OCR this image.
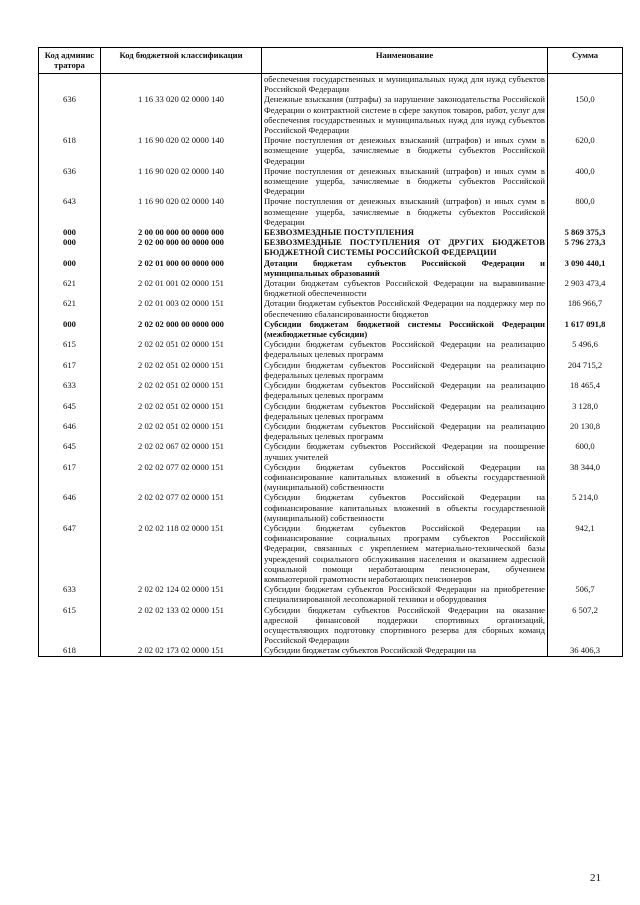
Код админис тратора	Код бюджетной классификации	Наименование	Сумма
		обеспечения государственных и муниципальных нужд для нужд субъектов Российской Федерации	
636	1 16 33 020 02 0000 140	Денежные взыскания (штрафы) за нарушение законодательства Российской Федерации о контрактной системе в сфере закупок товаров, работ, услуг для обеспечения государственных и муниципальных нужд для нужд субъектов Российской Федерации	150,0
618	1 16 90 020 02 0000 140	Прочие поступления от денежных взысканий (штрафов) и иных сумм в возмещение ущерба, зачисляемые в бюджеты субъектов Российской Федерации	620,0
636	1 16 90 020 02 0000 140	Прочие поступления от денежных взысканий (штрафов) и иных сумм в возмещение ущерба, зачисляемые в бюджеты субъектов Российской Федерации	400,0
643	1 16 90 020 02 0000 140	Прочие поступления от денежных взысканий (штрафов) и иных сумм в возмещение ущерба, зачисляемые в бюджеты субъектов Российской Федерации	800,0
000	2 00 00 000 00 0000 000	БЕЗВОЗМЕЗДНЫЕ ПОСТУПЛЕНИЯ	5 869 375,3
000	2 02 00 000 00 0000 000	БЕЗВОЗМЕЗДНЫЕ ПОСТУПЛЕНИЯ ОТ ДРУГИХ БЮДЖЕТОВ БЮДЖЕТНОЙ СИСТЕМЫ РОССИЙСКОЙ ФЕДЕРАЦИИ	5 796 273,3
000	2 02 01 000 00 0000 000	Дотации бюджетам субъектов Российской Федерации и муниципальных образований	3 090 440,1
621	2 02 01 001 02 0000 151	Дотации бюджетам субъектов Российской Федерации на выравнивание бюджетной обеспеченности	2 903 473,4
621	2 02 01 003 02 0000 151	Дотации бюджетам субъектов Российской Федерации на поддержку мер по обеспечению сбалансированности бюджетов	186 966,7
000	2 02 02 000 00 0000 000	Субсидии бюджетам бюджетной системы Российской Федерации (межбюджетные субсидии)	1 617 091,8
615	2 02 02 051 02 0000 151	Субсидии бюджетам субъектов Российской Федерации на реализацию федеральных целевых программ	5 496,6
617	2 02 02 051 02 0000 151	Субсидии бюджетам субъектов Российской Федерации на реализацию федеральных целевых программ	204 715,2
633	2 02 02 051 02 0000 151	Субсидии бюджетам субъектов Российской Федерации на реализацию федеральных целевых программ	18 465,4
645	2 02 02 051 02 0000 151	Субсидии бюджетам субъектов Российской Федерации на реализацию федеральных целевых программ	3 128,0
646	2 02 02 051 02 0000 151	Субсидии бюджетам субъектов Российской Федерации на реализацию федеральных целевых программ	20 130,8
645	2 02 02 067 02 0000 151	Субсидии бюджетам субъектов Российской Федерации на поощрение лучших учителей	600,0
617	2 02 02 077 02 0000 151	Субсидии бюджетам субъектов Российской Федерации на софинансирование капитальных вложений в объекты государственной (муниципальной) собственности	38 344,0
646	2 02 02 077 02 0000 151	Субсидии бюджетам субъектов Российской Федерации на софинансирование капитальных вложений в объекты государственной (муниципальной) собственности	5 214,0
647	2 02 02 118 02 0000 151	Субсидии бюджетам субъектов Российской Федерации на софинансирование социальных программ субъектов Российской Федерации, связанных с укреплением материально-технической базы учреждений социального обслуживания населения и оказанием адресной социальной помощи неработающим пенсионерам, обучением компьютерной грамотности неработающих пенсионеров	942,1
633	2 02 02 124 02 0000 151	Субсидии бюджетам субъектов Российской Федерации на приобретение специализированной лесопожарной техники и оборудования	506,7
615	2 02 02 133 02 0000 151	Субсидии бюджетам субъектов Российской Федерации на оказание адресной финансовой поддержки спортивных организаций, осуществляющих подготовку спортивного резерва для сборных команд Российской Федерации	6 507,2
618	2 02 02 173 02 0000 151	Субсидии бюджетам субъектов Российской Федерации на	36 406,3
21
